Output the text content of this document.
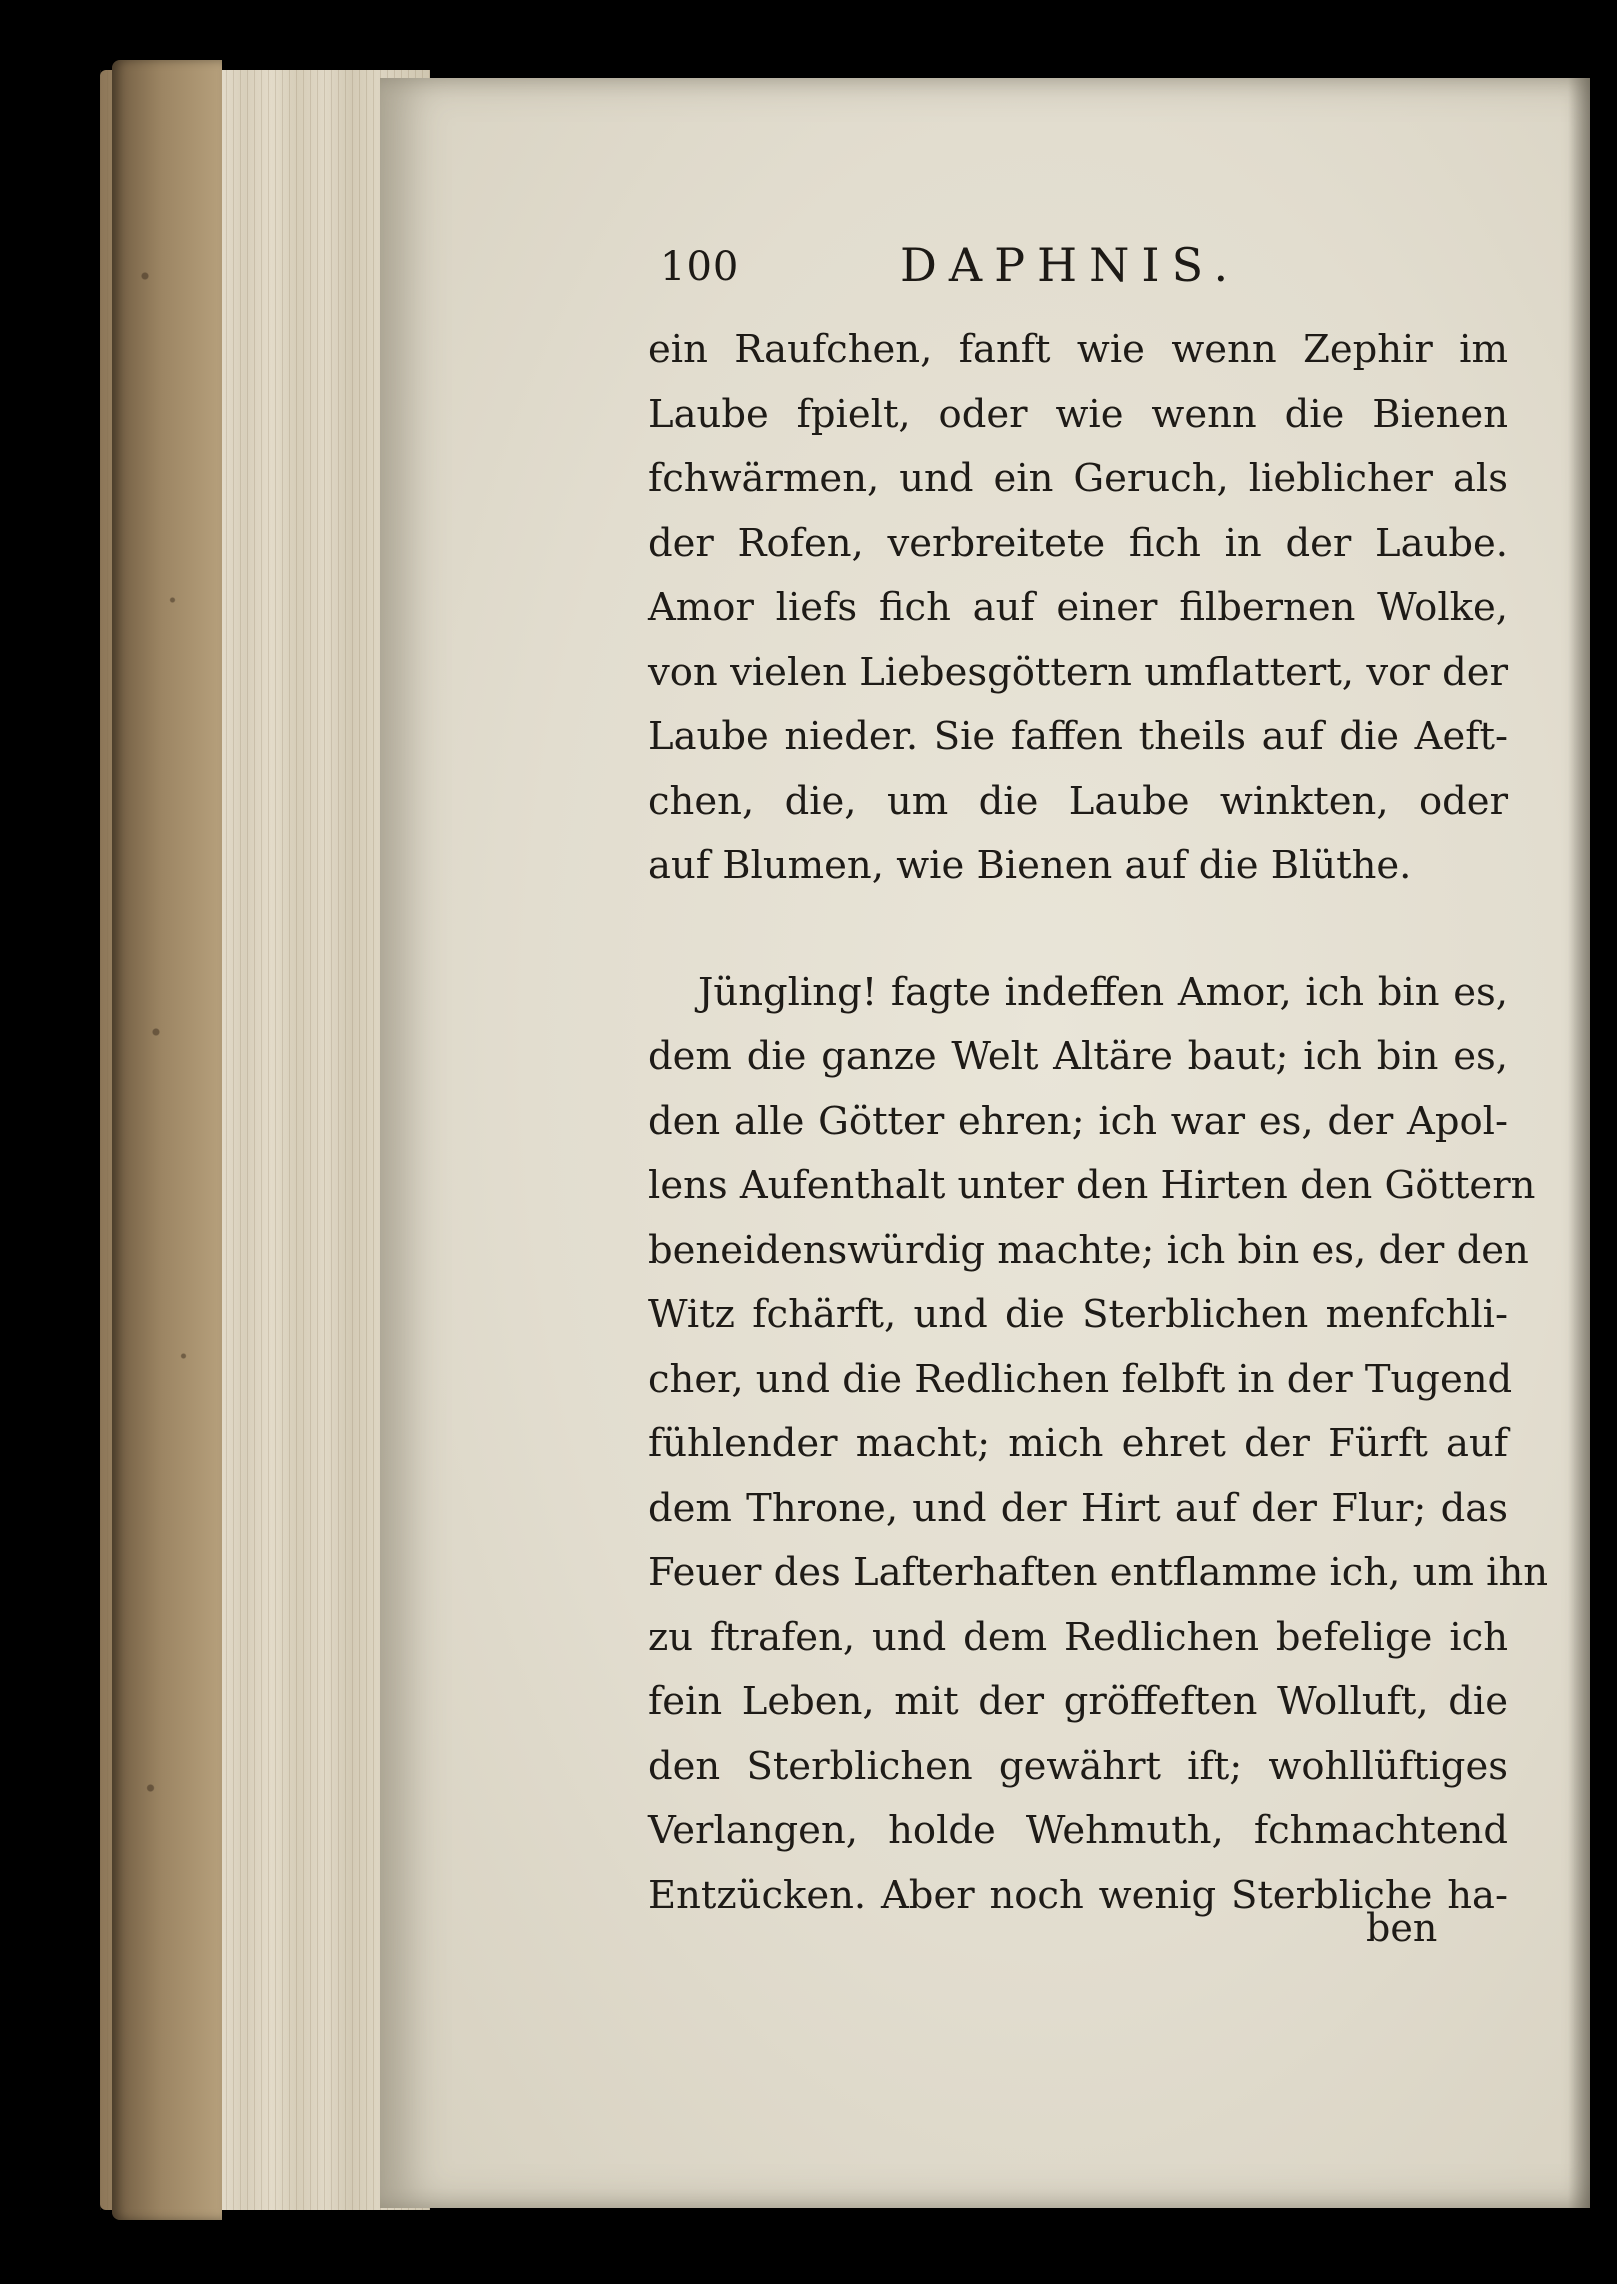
100	DAPHNIS.
ein Raufchen, fanft wie wenn Zephir im
Laube fpielt, oder wie wenn die Bienen
fchwärmen, und ein Geruch, lieblicher als
der Rofen, verbreitete fich in der Laube.
Amor liefs fich auf einer filbernen Wolke,
von vielen Liebesgöttern umflattert, vor der
Laube nieder. Sie faffen theils auf die Aeft-
chen, die, um die Laube winkten, oder
auf Blumen, wie Bienen auf die Blüthe.
Jüngling! fagte indeffen Amor, ich bin es,
dem die ganze Welt Altäre baut; ich bin es,
den alle Götter ehren; ich war es, der Apol-
lens Aufenthalt unter den Hirten den Göttern
beneidenswürdig machte; ich bin es, der den
Witz fchärft, und die Sterblichen menfchli-
cher, und die Redlichen felbft in der Tugend
fühlender macht; mich ehret der Fürft auf
dem Throne, und der Hirt auf der Flur; das
Feuer des Lafterhaften entflamme ich, um ihn
zu ftrafen, und dem Redlichen befelige ich
fein Leben, mit der gröffeften Wolluft, die
den Sterblichen gewährt ift; wohllüftiges
Verlangen, holde Wehmuth, fchmachtend
Entzücken. Aber noch wenig Sterbliche ha-
ben
